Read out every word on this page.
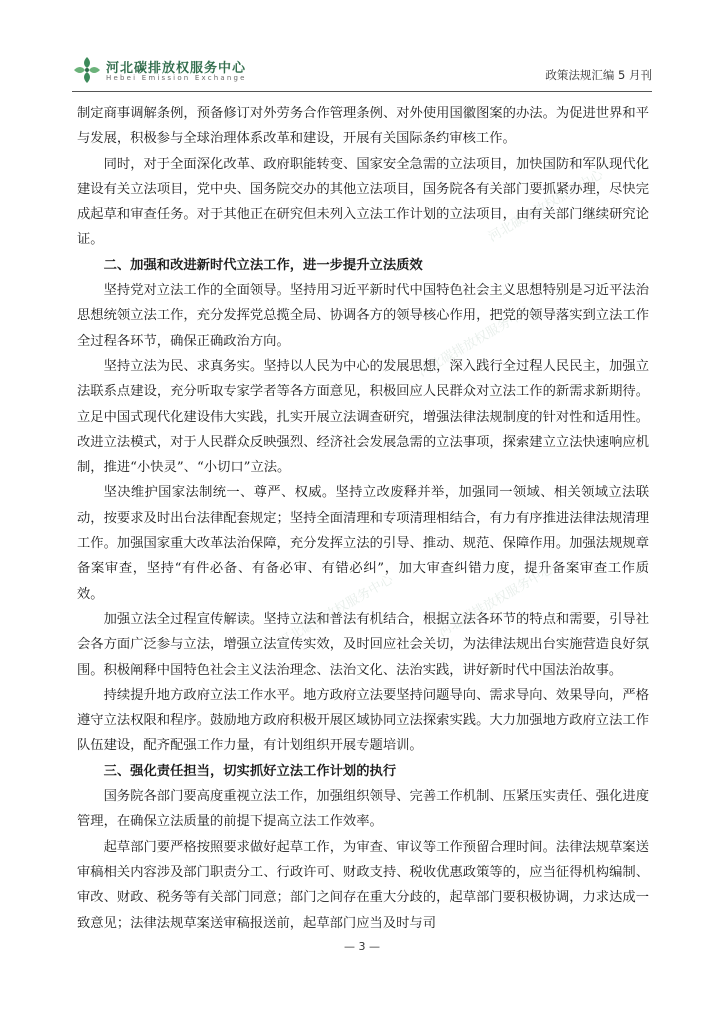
河北碳排放权服务中心
Hebei Emission Exchange	政策法规汇编 5 月刊
河北碳排放权服务中心
河北碳排放权服务中心
河北碳排放权服务中心	河北碳排放权服务中心

制定商事调解条例，预备修订对外劳务合作管理条例、对外使用国徽图案的办法。为促进世界和平与发展，积极参与全球治理体系改革和建设，开展有关国际条约审核工作。

同时，对于全面深化改革、政府职能转变、国家安全急需的立法项目，加快国防和军队现代化建设有关立法项目，党中央、国务院交办的其他立法项目，国务院各有关部门要抓紧办理，尽快完成起草和审查任务。对于其他正在研究但未列入立法工作计划的立法项目，由有关部门继续研究论证。

二、加强和改进新时代立法工作，进一步提升立法质效

坚持党对立法工作的全面领导。坚持用习近平新时代中国特色社会主义思想特别是习近平法治思想统领立法工作，充分发挥党总揽全局、协调各方的领导核心作用，把党的领导落实到立法工作全过程各环节，确保正确政治方向。

坚持立法为民、求真务实。坚持以人民为中心的发展思想，深入践行全过程人民民主，加强立法联系点建设，充分听取专家学者等各方面意见，积极回应人民群众对立法工作的新需求新期待。立足中国式现代化建设伟大实践，扎实开展立法调查研究，增强法律法规制度的针对性和适用性。改进立法模式，对于人民群众反映强烈、经济社会发展急需的立法事项，探索建立立法快速响应机制，推进“小快灵”、“小切口”立法。

坚决维护国家法制统一、尊严、权威。坚持立改废释并举，加强同一领域、相关领域立法联动，按要求及时出台法律配套规定；坚持全面清理和专项清理相结合，有力有序推进法律法规清理工作。加强国家重大改革法治保障，充分发挥立法的引导、推动、规范、保障作用。加强法规规章备案审查，坚持“有件必备、有备必审、有错必纠”，加大审查纠错力度，提升备案审查工作质效。

加强立法全过程宣传解读。坚持立法和普法有机结合，根据立法各环节的特点和需要，引导社会各方面广泛参与立法，增强立法宣传实效，及时回应社会关切，为法律法规出台实施营造良好氛围。积极阐释中国特色社会主义法治理念、法治文化、法治实践，讲好新时代中国法治故事。

持续提升地方政府立法工作水平。地方政府立法要坚持问题导向、需求导向、效果导向，严格遵守立法权限和程序。鼓励地方政府积极开展区域协同立法探索实践。大力加强地方政府立法工作队伍建设，配齐配强工作力量，有计划组织开展专题培训。

三、强化责任担当，切实抓好立法工作计划的执行

国务院各部门要高度重视立法工作，加强组织领导、完善工作机制、压紧压实责任、强化进度管理，在确保立法质量的前提下提高立法工作效率。

起草部门要严格按照要求做好起草工作，为审查、审议等工作预留合理时间。法律法规草案送审稿相关内容涉及部门职责分工、行政许可、财政支持、税收优惠政策等的，应当征得机构编制、审改、财政、税务等有关部门同意；部门之间存在重大分歧的，起草部门要积极协调，力求达成一致意见；法律法规草案送审稿报送前，起草部门应当及时与司

— 3 —
